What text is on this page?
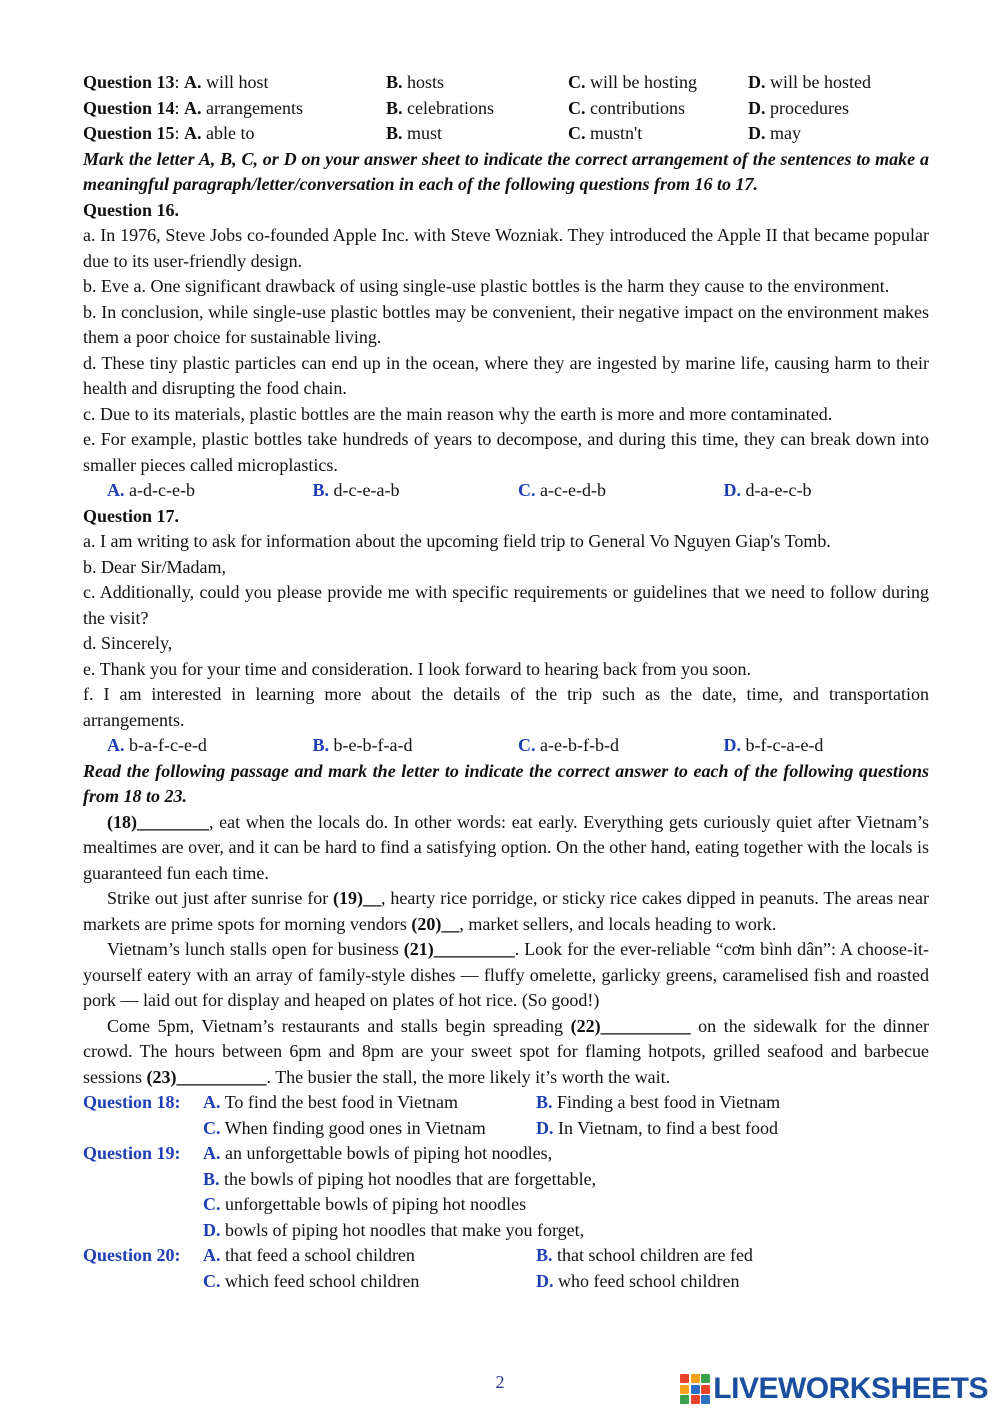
Question 13: A. will host	B. hosts	C. will be hosting	D. will be hosted
Question 14: A. arrangements	B. celebrations	C. contributions	D. procedures
Question 15: A. able to	B. must	C. mustn't	D. may
Mark the letter A, B, C, or D on your answer sheet to indicate the correct arrangement of the sentences to make a meaningful paragraph/letter/conversation in each of the following questions from 16 to 17.
Question 16.
a. In 1976, Steve Jobs co-founded Apple Inc. with Steve Wozniak. They introduced the Apple II that became popular due to its user-friendly design.
b. Eve a. One significant drawback of using single-use plastic bottles is the harm they cause to the environment.
b. In conclusion, while single-use plastic bottles may be convenient, their negative impact on the environment makes them a poor choice for sustainable living.
d. These tiny plastic particles can end up in the ocean, where they are ingested by marine life, causing harm to their health and disrupting the food chain.
c. Due to its materials, plastic bottles are the main reason why the earth is more and more contaminated.
e. For example, plastic bottles take hundreds of years to decompose, and during this time, they can break down into smaller pieces called microplastics.
A. a-d-c-e-b	B. d-c-e-a-b	C. a-c-e-d-b	D. d-a-e-c-b
Question 17.
a. I am writing to ask for information about the upcoming field trip to General Vo Nguyen Giap's Tomb.
b. Dear Sir/Madam,
c. Additionally, could you please provide me with specific requirements or guidelines that we need to follow during the visit?
d. Sincerely,
e. Thank you for your time and consideration. I look forward to hearing back from you soon.
f. I am interested in learning more about the details of the trip such as the date, time, and transportation arrangements.
A. b-a-f-c-e-d	B. b-e-b-f-a-d	C. a-e-b-f-b-d	D. b-f-c-a-e-d
Read the following passage and mark the letter to indicate the correct answer to each of the following questions from 18 to 23.
(18)________, eat when the locals do. In other words: eat early. Everything gets curiously quiet after Vietnam’s mealtimes are over, and it can be hard to find a satisfying option. On the other hand, eating together with the locals is guaranteed fun each time.
Strike out just after sunrise for (19)__, hearty rice porridge, or sticky rice cakes dipped in peanuts. The areas near markets are prime spots for morning vendors (20)__, market sellers, and locals heading to work.
Vietnam’s lunch stalls open for business (21)_________. Look for the ever-reliable “cơm bình dân”: A choose-it-yourself eatery with an array of family-style dishes — fluffy omelette, garlicky greens, caramelised fish and roasted pork — laid out for display and heaped on plates of hot rice. (So good!)
Come 5pm, Vietnam’s restaurants and stalls begin spreading (22)__________ on the sidewalk for the dinner crowd. The hours between 6pm and 8pm are your sweet spot for flaming hotpots, grilled seafood and barbecue sessions (23)__________. The busier the stall, the more likely it’s worth the wait.
Question 18:	A. To find the best food in Vietnam	B. Finding a best food in Vietnam
C. When finding good ones in Vietnam	D. In Vietnam, to find a best food
Question 19:	A. an unforgettable bowls of piping hot noodles,
B. the bowls of piping hot noodles that are forgettable,
C. unforgettable bowls of piping hot noodles
D. bowls of piping hot noodles that make you forget,
Question 20:	A. that feed a school children	B. that school children are fed
C. which feed school children	D. who feed school children
2	LIVEWORKSHEETS
